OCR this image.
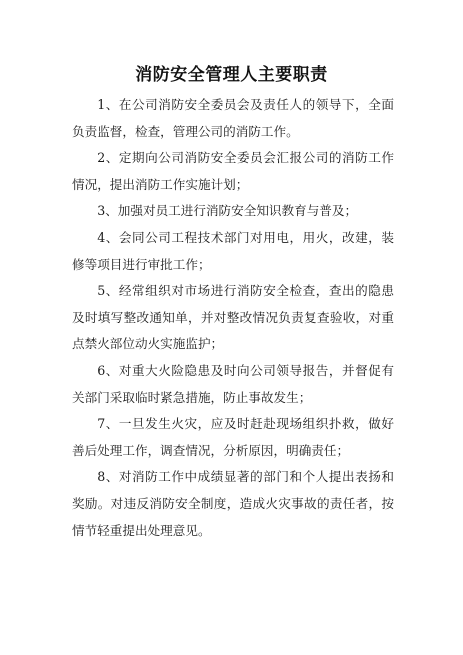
消防安全管理人主要职责

1、在公司消防安全委员会及责任人的领导下，全面负责监督，检查，管理公司的消防工作。

2、定期向公司消防安全委员会汇报公司的消防工作情况，提出消防工作实施计划；

3、加强对员工进行消防安全知识教育与普及；

4、会同公司工程技术部门对用电，用火，改建，装修等项目进行审批工作；

5、经常组织对市场进行消防安全检查，查出的隐患及时填写整改通知单，并对整改情况负责复查验收，对重点禁火部位动火实施监护；

6、对重大火险隐患及时向公司领导报告，并督促有关部门采取临时紧急措施，防止事故发生；

7、一旦发生火灾，应及时赶赴现场组织扑救，做好善后处理工作，调查情况，分析原因，明确责任；

8、对消防工作中成绩显著的部门和个人提出表扬和奖励。对违反消防安全制度，造成火灾事故的责任者，按情节轻重提出处理意见。
